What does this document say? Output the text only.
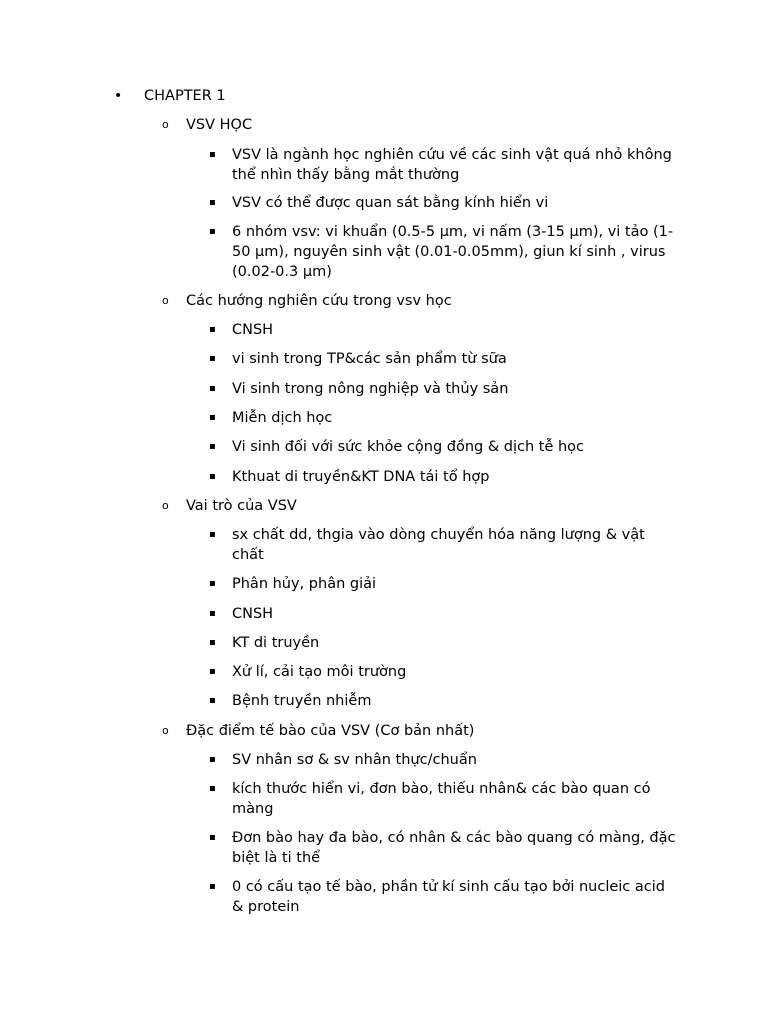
• CHAPTER 1
o VSV HỌC
▪ VSV là ngành học nghiên cứu về các sinh vật quá nhỏ không thể nhìn thấy bằng mắt thường
▪ VSV có thể được quan sát bằng kính hiển vi
▪ 6 nhóm vsv: vi khuẩn (0.5-5 µm, vi nấm (3-15 µm), vi tảo (1-50 µm), nguyên sinh vật (0.01-0.05mm), giun kí sinh , virus (0.02-0.3 µm)
o Các hướng nghiên cứu trong vsv học
▪ CNSH
▪ vi sinh trong TP&các sản phẩm từ sữa
▪ Vi sinh trong nông nghiệp và thủy sản
▪ Miễn dịch học
▪ Vi sinh đối với sức khỏe cộng đồng & dịch tễ học
▪ Kthuat di truyền&KT DNA tái tổ hợp
o Vai trò của VSV
▪ sx chất dd, thgia vào dòng chuyển hóa năng lượng & vật chất
▪ Phân hủy, phân giải
▪ CNSH
▪ KT di truyền
▪ Xử lí, cải tạo môi trường
▪ Bệnh truyền nhiễm
o Đặc điểm tế bào của VSV (Cơ bản nhất)
▪ SV nhân sơ & sv nhân thực/chuẩn
▪ kích thước hiển vi, đơn bào, thiếu nhân& các bào quan có màng
▪ Đơn bào hay đa bào, có nhân & các bào quang có màng, đặc biệt là ti thể
▪ 0 có cấu tạo tế bào, phần tử kí sinh cấu tạo bởi nucleic acid & protein
